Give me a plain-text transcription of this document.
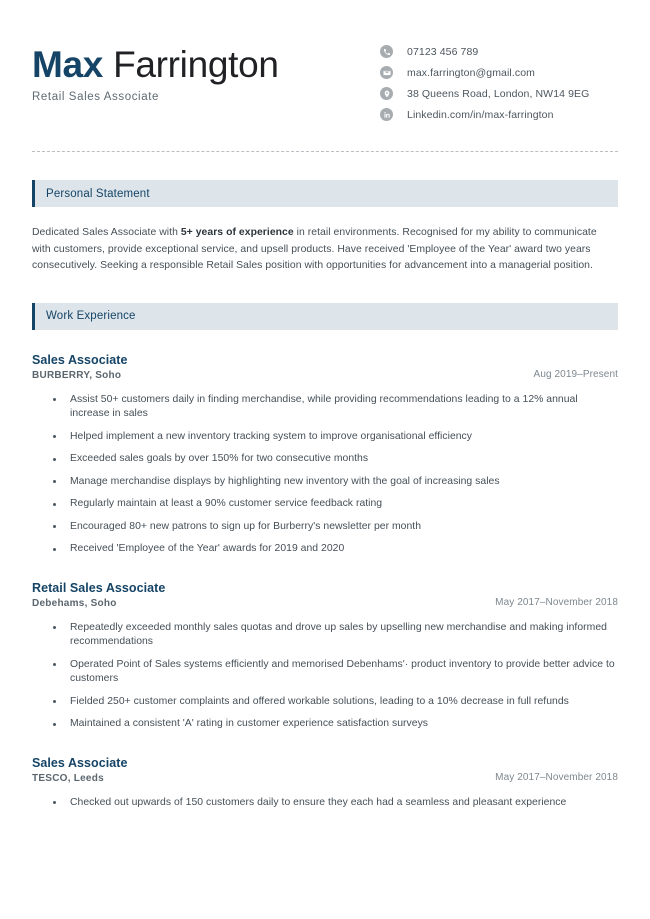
Max Farrington
Retail Sales Associate
07123 456 789
max.farrington@gmail.com
38 Queens Road, London, NW14 9EG
Linkedin.com/in/max-farrington
Personal Statement

Dedicated Sales Associate with 5+ years of experience in retail environments. Recognised for my ability to communicate with customers, provide exceptional service, and upsell products. Have received 'Employee of the Year' award two years consecutively. Seeking a responsible Retail Sales position with opportunities for advancement into a managerial position.

Work Experience
Sales Associate
BURBERRY, Soho	Aug 2019–Present
Assist 50+ customers daily in finding merchandise, while providing recommendations leading to a 12% annual increase in sales
Helped implement a new inventory tracking system to improve organisational efficiency
Exceeded sales goals by over 150% for two consecutive months
Manage merchandise displays by highlighting new inventory with the goal of increasing sales
Regularly maintain at least a 90% customer service feedback rating
Encouraged 80+ new patrons to sign up for Burberry's newsletter per month
Received 'Employee of the Year' awards for 2019 and 2020
Retail Sales Associate
Debehams, Soho	May 2017–November 2018
Repeatedly exceeded monthly sales quotas and drove up sales by upselling new merchandise and making informed recommendations
Operated Point of Sales systems efficiently and memorised Debenhams'· product inventory to provide better advice to customers
Fielded 250+ customer complaints and offered workable solutions, leading to a 10% decrease in full refunds
Maintained a consistent 'A' rating in customer experience satisfaction surveys
Sales Associate
TESCO, Leeds	May 2017–November 2018
Checked out upwards of 150 customers daily to ensure they each had a seamless and pleasant experience
